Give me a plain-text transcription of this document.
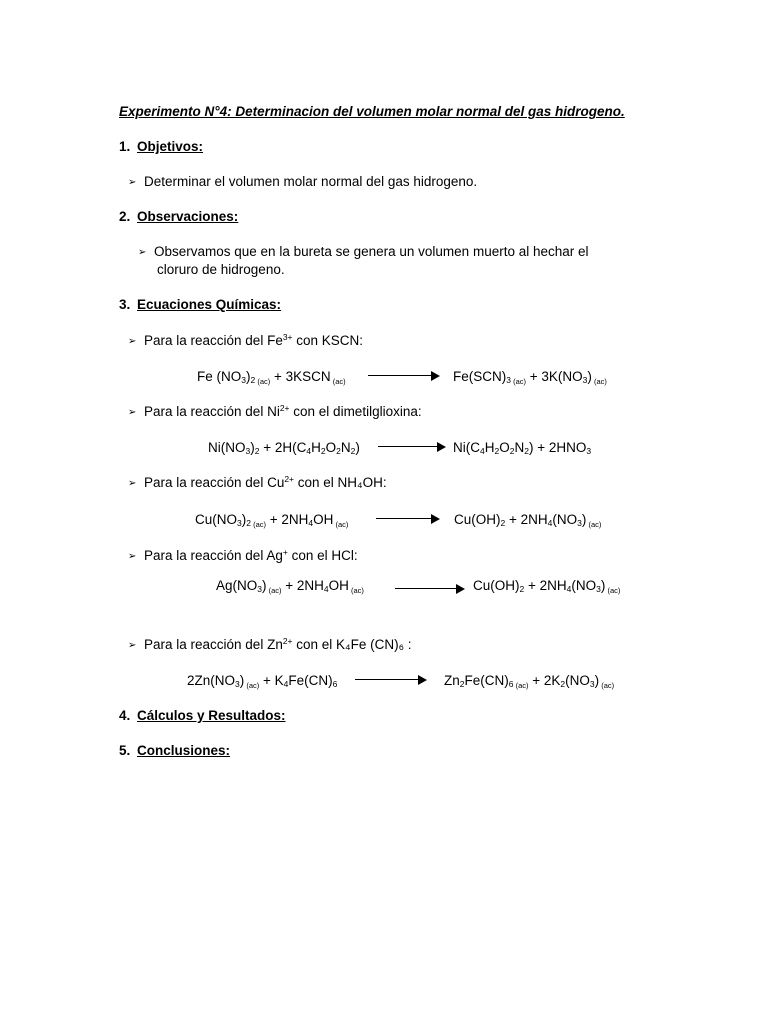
Experimento N°4: Determinacion del volumen molar normal del gas hidrogeno.
1. Objetivos:
➢ Determinar el volumen molar normal del gas hidrogeno.
2. Observaciones:
➢ Observamos que en la bureta se genera un volumen muerto al hechar el
cloruro de hidrogeno.
3. Ecuaciones Químicas:
➢ Para la reacción del $Fe^{3+}$ con KSCN:
Fe $(NO_3)_2$ $_{(ac)}$ + 3KSCN $_{(ac)}$	$Fe(SCN)_3$ $_{(ac)} + 3K(NO_3)$ $_{(ac)}$
➢ Para la reacción del $Ni^{2+}$ con el dimetilglioxina:
$Ni(NO_3)_2 + 2H(C_4H_2O_2N_2)$	$Ni(C_4H_2O_2N_2) + 2HNO_3$
➢ Para la reacción del $Cu^{2+}$ con el NH₄OH:
$Cu(NO_3)_2$ $_{(ac)} + 2NH_4OH$ $_{(ac)}$	$Cu(OH)_2 + 2NH_4(NO_3)$ $_{(ac)}$
➢ Para la reacción del Ag+ con el HCl:
$Ag(NO_3) _{(ac)} + 2NH_4OH$ $_{(ac)}$	$Cu(OH)_2 + 2NH_4(NO_3)$ $_{(ac)}$
➢ Para la reacción del $Zn^{2+}$ con el K₄Fe (CN)₆ :
$2Zn(NO_3) _{(ac)} + K_4Fe(CN)_6$	$Zn_2Fe(CN)_6$ $_{(ac)} + 2K_2(NO_3)$ $_{(ac)}$
4. Cálculos y Resultados:
5. Conclusiones:
